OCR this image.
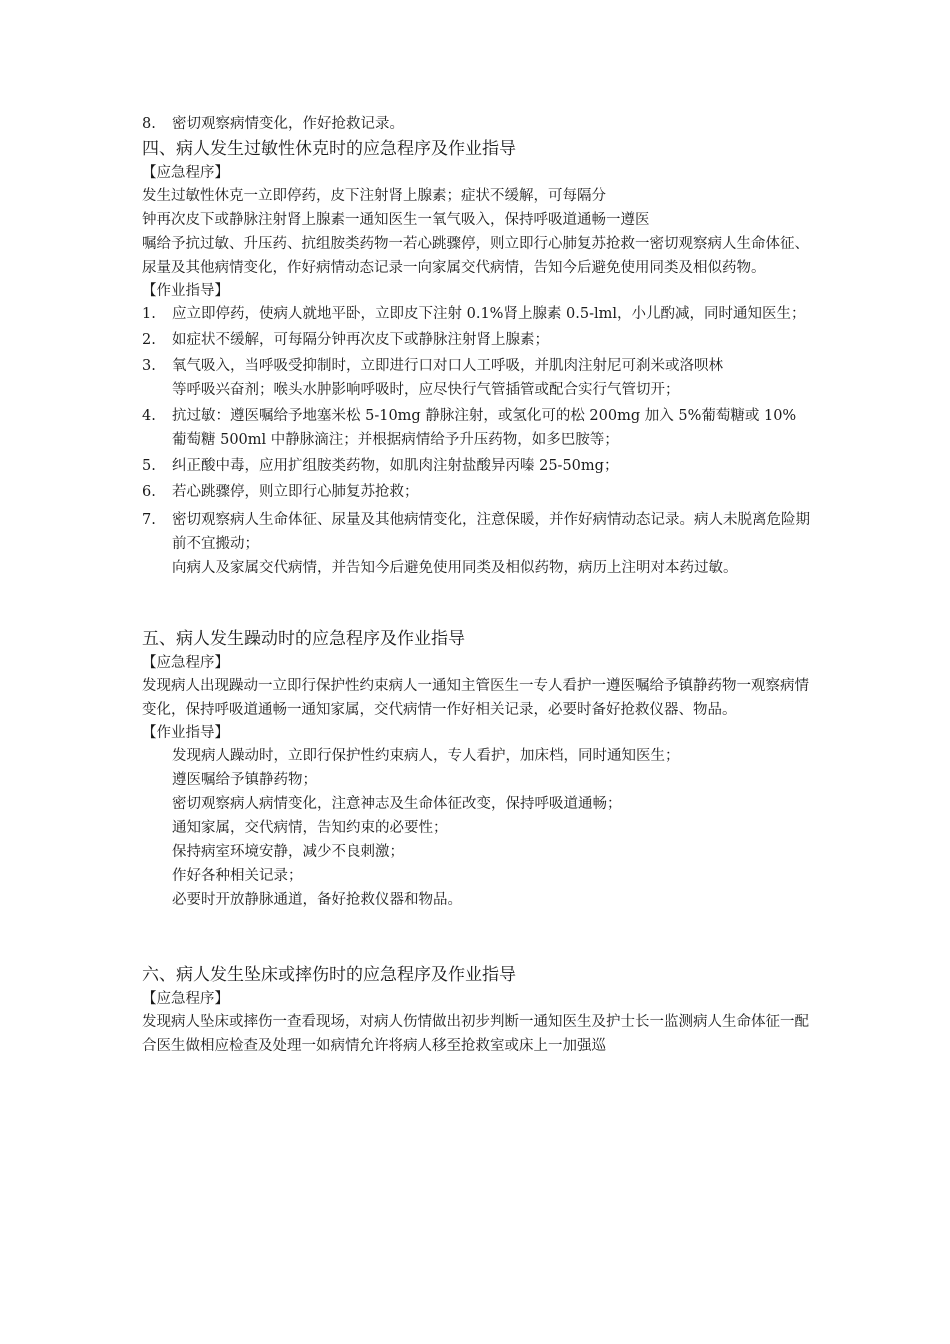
8. 密切观察病情变化，作好抢救记录。
四、病人发生过敏性休克时的应急程序及作业指导
【应急程序】
发生过敏性休克一立即停药，皮下注射肾上腺素；症状不缓解，可每隔分
钟再次皮下或静脉注射肾上腺素一通知医生一氧气吸入，保持呼吸道通畅一遵医
嘱给予抗过敏、升压药、抗组胺类药物一若心跳骤停，则立即行心肺复苏抢救一密切观察病人生命体征、尿量及其他病情变化，作好病情动态记录一向家属交代病情，告知今后避免使用同类及相似药物。
【作业指导】
1. 应立即停药，使病人就地平卧，立即皮下注射 0.1%肾上腺素 0.5-lml，小儿酌减，同时通知医生；
2. 如症状不缓解，可每隔分钟再次皮下或静脉注射肾上腺素；
3. 氧气吸入，当呼吸受抑制时，立即进行口对口人工呼吸，并肌肉注射尼可刹米或洛呗林
等呼吸兴奋剂；喉头水肿影响呼吸时，应尽快行气管插管或配合实行气管切开；
4. 抗过敏：遵医嘱给予地塞米松 5-10mg 静脉注射，或氢化可的松 200mg 加入 5%葡萄糖或 10%葡萄糖 500ml 中静脉滴注；并根据病情给予升压药物，如多巴胺等；
5. 纠正酸中毒，应用扩组胺类药物，如肌肉注射盐酸异丙嗪 25-50mg；
6. 若心跳骤停，则立即行心肺复苏抢救；
7. 密切观察病人生命体征、尿量及其他病情变化，注意保暖，并作好病情动态记录。病人未脱离危险期前不宜搬动；
向病人及家属交代病情，并告知今后避免使用同类及相似药物，病历上注明对本药过敏。
五、病人发生躁动时的应急程序及作业指导
【应急程序】
发现病人出现躁动一立即行保护性约束病人一通知主管医生一专人看护一遵医嘱给予镇静药物一观察病情变化，保持呼吸道通畅一通知家属，交代病情一作好相关记录，必要时备好抢救仪器、物品。
【作业指导】
发现病人躁动时，立即行保护性约束病人，专人看护，加床档，同时通知医生；
遵医嘱给予镇静药物；
密切观察病人病情变化，注意神志及生命体征改变，保持呼吸道通畅；
通知家属，交代病情，告知约束的必要性；
保持病室环境安静，减少不良刺激；
作好各种相关记录；
必要时开放静脉通道，备好抢救仪器和物品。
六、病人发生坠床或摔伤时的应急程序及作业指导
【应急程序】
发现病人坠床或摔伤一查看现场，对病人伤情做出初步判断一通知医生及护士长一监测病人生命体征一配合医生做相应检查及处理一如病情允许将病人移至抢救室或床上一加强巡
